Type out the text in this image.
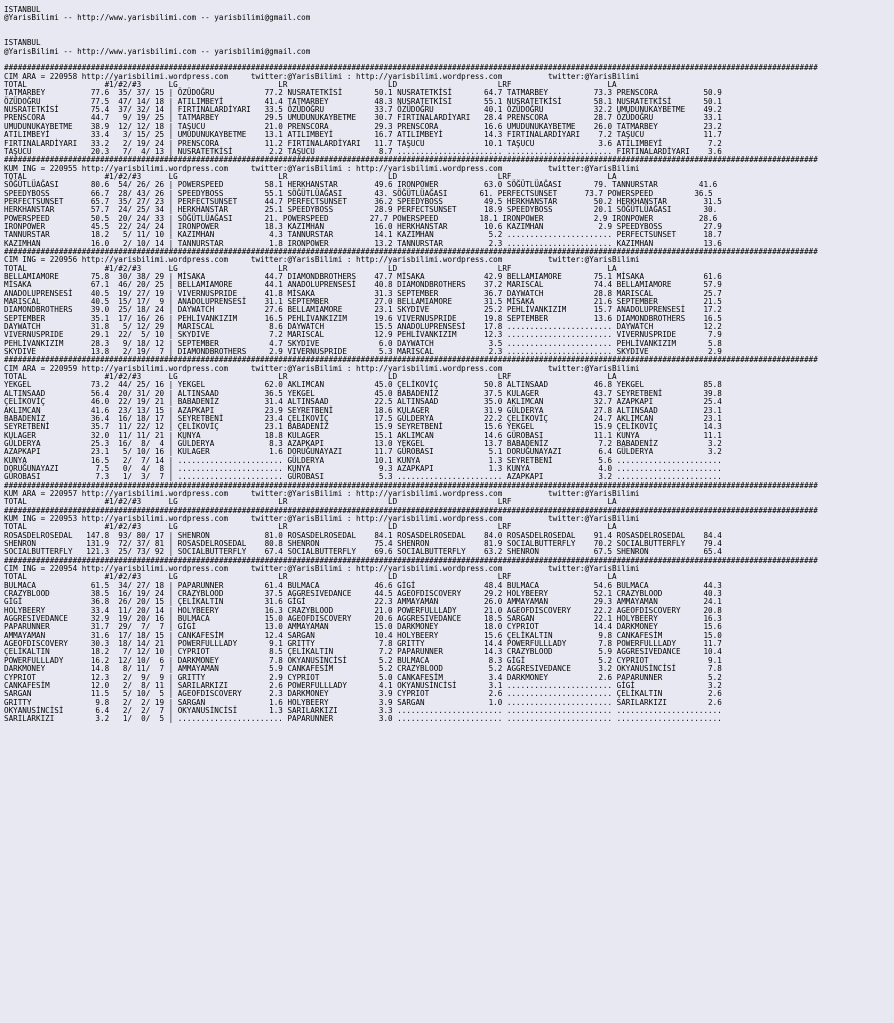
ISTANBUL
@YarisBilimi -- http://www.yarisbilimi.com -- yarisbilimi@gmail.com

ISTANBUL
@YarisBilimi -- http://www.yarisbilimi.com -- yarisbilimi@gmail.com

##################################################################################################################################################################################
CIM ARA = 220958 http://yarisbilimi.wordpress.com     twitter:@YarisBilimi : http://yarisbilimi.wordpress.com          twitter:@YarisBilimi
TOTAL                 #1/#2/#3      LG                      LR                      LD                      LRF                     LA
TATMARBEY          77.6  35/ 37/ 15 | ÖZÜDOĞRU           77.2 NUSRATETKİSİ       50.1 NUSRATETKİSİ       64.7 TATMARBEY          73.3 PRENSCORA          50.9
ÖZÜDOĞRU           77.5  47/ 14/ 18 | ATILIMBEYİ         41.4 TATMARBEY          48.3 NUSRATETKİSİ       55.1 NUSRATETKİSİ       58.1 NUSRATETKİSİ       50.1
NUSRATETKİSİ       75.4  37/ 32/ 14 | FIRTINALARDİYARI   33.5 ÖZÜDOĞRU           33.7 ÖZÜDOĞRU           40.1 ÖZÜDOĞRU           32.2 UMUDUNUKAYBETME    49.2
PRENSCORA          44.7   9/ 19/ 25 | TATMARBEY          29.5 UMUDUNUKAYBETME    30.7 FIRTINALARDİYARI   28.4 PRENSCORA          28.7 ÖZÜDOĞRU           33.1
UMUDUNUKAYBETME    38.9  12/ 12/ 18 | TAŞUCU             21.0 PRENSCORA          29.3 PRENSCORA          16.6 UMUDUNUKAYBETME    26.0 TATMARBEY          23.2
ATILIMBEYİ         33.4   3/ 15/ 25 | UMUDUNUKAYBETME    13.1 ATILIMBEYİ         16.7 ATILIMBEYİ         14.3 FIRTINALARDİYARI    7.2 TAŞUCU             11.7
FIRTINALARDİYARI   33.2   2/ 19/ 24 | PRENSCORA          11.2 FIRTINALARDİYARI   11.7 TAŞUCU             10.1 TAŞUCU              3.6 ATILIMBEYİ          7.2
TAŞUCU             20.3   7/  4/ 13 | NUSRATETKİSİ        2.2 TAŞUCU              8.7 ....................... ....................... FIRTINALARDİYARI    3.6
##################################################################################################################################################################################
KUM ING = 220955 http://yarisbilimi.wordpress.com     twitter:@YarisBilimi : http://yarisbilimi.wordpress.com          twitter:@YarisBilimi
TOTAL                 #1/#2/#3      LG                      LR                      LD                      LRF                     LA
SÖĞÜTLÜAĞASI       80.6  54/ 26/ 26 | POWERSPEED         58.1 HERKHANSTAR        49.6 IRONPOWER          63.0 SÖĞÜTLÜAĞASI       79. TANNURSTAR         41.6
SPEEDYBOSS         66.7  28/ 43/ 26 | SPEEDYBOSS         55.1 SÖĞÜTLÜAĞASI       43. SÖĞÜTLÜAĞASI       61. PERFECTSUNSET      73.7 POWERSPEED         36.5
PERFECTSUNSET      65.7  35/ 27/ 23 | PERFECTSUNSET      44.7 PERFECTSUNSET      36.2 SPEEDYBOSS         49.5 HERKHANSTAR        50.2 HERKHANSTAR        31.5
HERKHANSTAR        57.7  24/ 25/ 34 | HERKHANSTAR        25.1 SPEEDYBOSS         28.9 PERFECTSUNSET      18.9 SPEEDYBOSS         20.1 SÖĞÜTLÜAĞASI       30.
POWERSPEED         50.5  20/ 24/ 33 | SÖĞÜTLÜAĞASI       21. POWERSPEED         27.7 POWERSPEED         18.1 IRONPOWER           2.9 IRONPOWER          28.6
IRONPOWER          45.5  22/ 24/ 24 | IRONPOWER          18.3 KAZIMHAN           16.0 HERKHANSTAR        10.6 KAZIMHAN            2.9 SPEEDYBOSS         27.9
TANNURSTAR         18.2   5/ 11/ 10 | KAZIMHAN            4.3 TANNURSTAR         14.1 KAZIMHAN            5.2 ....................... PERFECTSUNSET      18.7
KAZIMHAN           16.0   2/ 10/ 14 | TANNURSTAR          1.8 IRONPOWER          13.2 TANNURSTAR          2.3 ....................... KAZIMHAN           13.6
##################################################################################################################################################################################
CIM ING = 220956 http://yarisbilimi.wordpress.com     twitter:@YarisBilimi : http://yarisbilimi.wordpress.com          twitter:@YarisBilimi
TOTAL                 #1/#2/#3      LG                      LR                      LD                      LRF                     LA
BELLAMIAMORE       75.8  30/ 38/ 29 | MİSAKA             44.7 DIAMONDBROTHERS    47.7 MİSAKA             42.9 BELLAMIAMORE       75.1 MİSAKA             61.6
MİSAKA             67.1  46/ 20/ 25 | BELLAMIAMORE       44.1 ANADOLUPRENSESİ    40.8 DIAMONDBROTHERS    37.2 MARISCAL           74.4 BELLAMIAMORE       57.9
ANADOLUPRENSESİ    40.5  19/ 27/ 19 | VIVERNUSPRIDE      41.8 MİSAKA             31.3 SEPTEMBER          36.7 DAYWATCH           28.8 MARISCAL           25.7
MARISCAL           40.5  15/ 17/  9 | ANADOLUPRENSESİ    31.1 SEPTEMBER          27.0 BELLAMIAMORE       31.5 MİSAKA             21.6 SEPTEMBER          21.5
DIAMONDBROTHERS    39.0  25/ 18/ 24 | DAYWATCH           27.6 BELLAMIAMORE       23.1 SKYDIVE            25.2 PEHLİVANKIZIM      15.7 ANADOLUPRENSESİ    17.2
SEPTEMBER          35.1  17/ 16/ 26 | PEHLİVANKIZIM      16.5 PEHLİVANKIZIM      19.6 VIVERNUSPRIDE      19.8 SEPTEMBER          13.6 DIAMONDBROTHERS    16.5
DAYWATCH           31.8   5/ 12/ 29 | MARISCAL            8.6 DAYWATCH           15.5 ANADOLUPRENSESİ    17.8 ....................... DAYWATCH           12.2
VIVERNUSPRIDE      29.1  22/  5/ 10 | SKYDIVE             7.2 MARISCAL           12.9 PEHLİVANKIZIM      12.3 ....................... VIVERNUSPRIDE       7.9
PEHLİVANKIZIM      28.3   9/ 18/ 12 | SEPTEMBER           4.7 SKYDIVE             6.0 DAYWATCH            3.5 ....................... PEHLİVANKIZIM       5.8
SKYDIVE            13.8   2/ 19/  7 | DIAMONDBROTHERS     2.9 VIVERNUSPRIDE       5.3 MARISCAL            2.3 ....................... SKYDIVE             2.9
##################################################################################################################################################################################
CIM ARA = 220959 http://yarisbilimi.wordpress.com     twitter:@YarisBilimi : http://yarisbilimi.wordpress.com          twitter:@YarisBilimi
TOTAL                 #1/#2/#3      LG                      LR                      LD                      LRF                     LA
YEKGEL             73.2  44/ 25/ 16 | YEKGEL             62.0 AKLIMCAN           45.0 ÇELİKOVİÇ          50.8 ALTINSAAD          46.8 YEKGEL             85.8
ALTINSAAD          56.4  20/ 31/ 20 | ALTINSAAD          36.5 YEKGEL             45.0 BABADENİZ          37.5 KULAGER            43.7 SEYRETBENİ         39.8
ÇELİKOVİÇ          46.0  22/ 19/ 21 | BABADENİZ          31.4 ALTINSAAD          22.5 ALTINSAAD          35.0 AKLIMCAN           32.7 AZAPKAPI           25.4
AKLIMCAN           41.6  23/ 13/ 15 | AZAPKAPI           23.9 SEYRETBENİ         18.6 KULAGER            31.9 GÜLDERYA           27.8 ALTINSAAD          23.1
BABADENİZ          36.4  16/ 18/ 17 | SEYRETBENİ         23.4 ÇELİKOVİÇ          17.5 GÜLDERYA           22.2 ÇELİKOVİÇ          24.7 AKLIMCAN           23.1
SEYRETBENİ         35.7  11/ 22/ 12 | ÇELİKOVİÇ          23.1 BABADENİZ          15.9 SEYRETBENİ         15.6 YEKGEL             15.9 ÇELİKOVİÇ          14.3
KULAGER            32.0  11/ 11/ 21 | KUNYA              18.8 KULAGER            15.1 AKLIMCAN           14.6 GÜROBASI           11.1 KUNYA              11.1
GÜLDERYA           25.3  16/  8/  4 | GÜLDERYA            8.3 AZAPKAPI           13.0 YEKGEL             13.7 BABADENİZ           7.2 BABADENİZ           3.2
AZAPKAPI           23.1   5/ 10/ 16 | KULAGER             1.6 DORUĞUNAYAZI       11.7 GÜROBASI            5.1 DORUĞUNAYAZI        6.4 GÜLDERYA            3.2
KUNYA              16.5   2/  7/ 14 | ....................... GÜLDERYA           10.1 KUNYA               1.3 SEYRETBENİ          5.6 .......................
DORUĞUNAYAZI        7.5   0/  4/  8 | ....................... KUNYA               9.3 AZAPKAPI            1.3 KUNYA               4.0 .......................
GÜROBASI            7.3   1/  3/  7 | ....................... GÜROBASI            5.3 ....................... AZAPKAPI            3.2 .......................
##################################################################################################################################################################################
KUM ARA = 220957 http://yarisbilimi.wordpress.com     twitter:@YarisBilimi : http://yarisbilimi.wordpress.com          twitter:@YarisBilimi
TOTAL                 #1/#2/#3      LG                      LR                      LD                      LRF                     LA
##################################################################################################################################################################################
KUM ING = 220953 http://yarisbilimi.wordpress.com     twitter:@YarisBilimi : http://yarisbilimi.wordpress.com          twitter:@YarisBilimi
TOTAL                 #1/#2/#3      LG                      LR                      LD                      LRF                     LA
ROSASDELROSEDAL   147.8  93/ 80/ 17 | SHENRON            81.0 ROSASDELROSEDAL    84.1 ROSASDELROSEDAL    84.0 ROSASDELROSEDAL    91.4 ROSASDELROSEDAL    84.4
SHENRON           131.9  72/ 37/ 81 | ROSASDELROSEDAL    80.8 SHENRON            75.4 SHENRON            81.9 SOCIALBUTTERFLY    70.2 SOCIALBUTTERFLY    79.4
SOCIALBUTTERFLY   121.3  25/ 73/ 92 | SOCIALBUTTERFLY    67.4 SOCIALBUTTERFLY    69.6 SOCIALBUTTERFLY    63.2 SHENRON            67.5 SHENRON            65.4
##################################################################################################################################################################################
CIM ING = 220954 http://yarisbilimi.wordpress.com     twitter:@YarisBilimi : http://yarisbilimi.wordpress.com          twitter:@YarisBilimi
TOTAL                 #1/#2/#3      LG                      LR                      LD                      LRF                     LA
BULMACA            61.5  34/ 27/ 18 | PAPARUNNER         61.4 BULMACA            46.6 GİGİ               48.4 BULMACA            54.6 BULMACA            44.3
CRAZYBLOOD         38.5  16/ 19/ 24 | CRAZYBLOOD         37.5 AGGRESIVEDANCE     44.5 AGEOFDISCOVERY     29.2 HOLYBEERY          52.1 CRAZYBLOOD         40.3
GİGİ               36.8  26/ 20/ 15 | ÇELİKALTIN         31.6 GİGİ               22.3 AMMAYAMAN          26.0 AMMAYAMAN          29.3 AMMAYAMAN          24.1
HOLYBEERY          33.4  11/ 20/ 14 | HOLYBEERY          16.3 CRAZYBLOOD         21.0 POWERFULLLADY      21.0 AGEOFDISCOVERY     22.2 AGEOFDISCOVERY     20.8
AGGRESIVEDANCE     32.9  19/ 20/ 16 | BULMACA            15.0 AGEOFDISCOVERY     20.6 AGGRESIVEDANCE     18.5 SARGAN             22.1 HOLYBEERY          16.3
PAPARUNNER         31.7  29/  7/  7 | GİGİ               13.0 AMMAYAMAN          15.0 DARKMONEY          18.0 CYPRIOT            14.4 DARKMONEY          15.6
AMMAYAMAN          31.6  17/ 18/ 15 | CANKAFESİM         12.4 SARGAN             10.4 HOLYBEERY          15.6 ÇELİKALTIN          9.8 CANKAFESİM         15.0
AGEOFDISCOVERY     30.3  18/ 14/ 21 | POWERFULLLADY       9.1 GRITTY              7.8 GRITTY             14.4 POWERFULLLADY       7.8 POWERFULLLADY      11.7
ÇELİKALTIN         18.2   7/ 12/ 10 | CYPRIOT             8.5 ÇELİKALTIN          7.2 PAPARUNNER         14.3 CRAZYBLOOD          5.9 AGGRESIVEDANCE     10.4
POWERFULLLADY      16.2  12/ 10/  6 | DARKMONEY           7.8 OKYANUSİNCİSİ       5.2 BULMACA             8.3 GİGİ                5.2 CYPRIOT             9.1
DARKMONEY          14.8   8/ 11/  7 | AMMAYAMAN           5.9 CANKAFESİM          5.2 CRAZYBLOOD          5.2 AGGRESIVEDANCE      3.2 OKYANUSİNCİSİ       7.8
CYPRIOT            12.3   2/  9/  9 | GRITTY              2.9 CYPRIOT             5.0 CANKAFESİM          3.4 DARKMONEY           2.6 PAPARUNNER          5.2
CANKAFESİM         12.0   2/  8/ 11 | SARILARKIZI         2.6 POWERFULLLADY       4.1 OKYANUSİNCİSİ       3.1 ....................... GİGİ                3.2
SARGAN             11.5   5/ 10/  5 | AGEOFDISCOVERY      2.3 DARKMONEY           3.9 CYPRIOT             2.6 ....................... ÇELİKALTIN          2.6
GRITTY              9.8   2/  2/ 19 | SARGAN              1.6 HOLYBEERY           3.9 SARGAN              1.0 ....................... SARILARKIZI         2.6
OKYANUSİNCİSİ       6.4   2/  2/  7 | OKYANUSİNCİSİ       1.3 SARILARKIZI         3.3 ....................... ....................... .......................
SARILARKIZI         3.2   1/  0/  5 | ....................... PAPARUNNER          3.0 ....................... ....................... .......................
